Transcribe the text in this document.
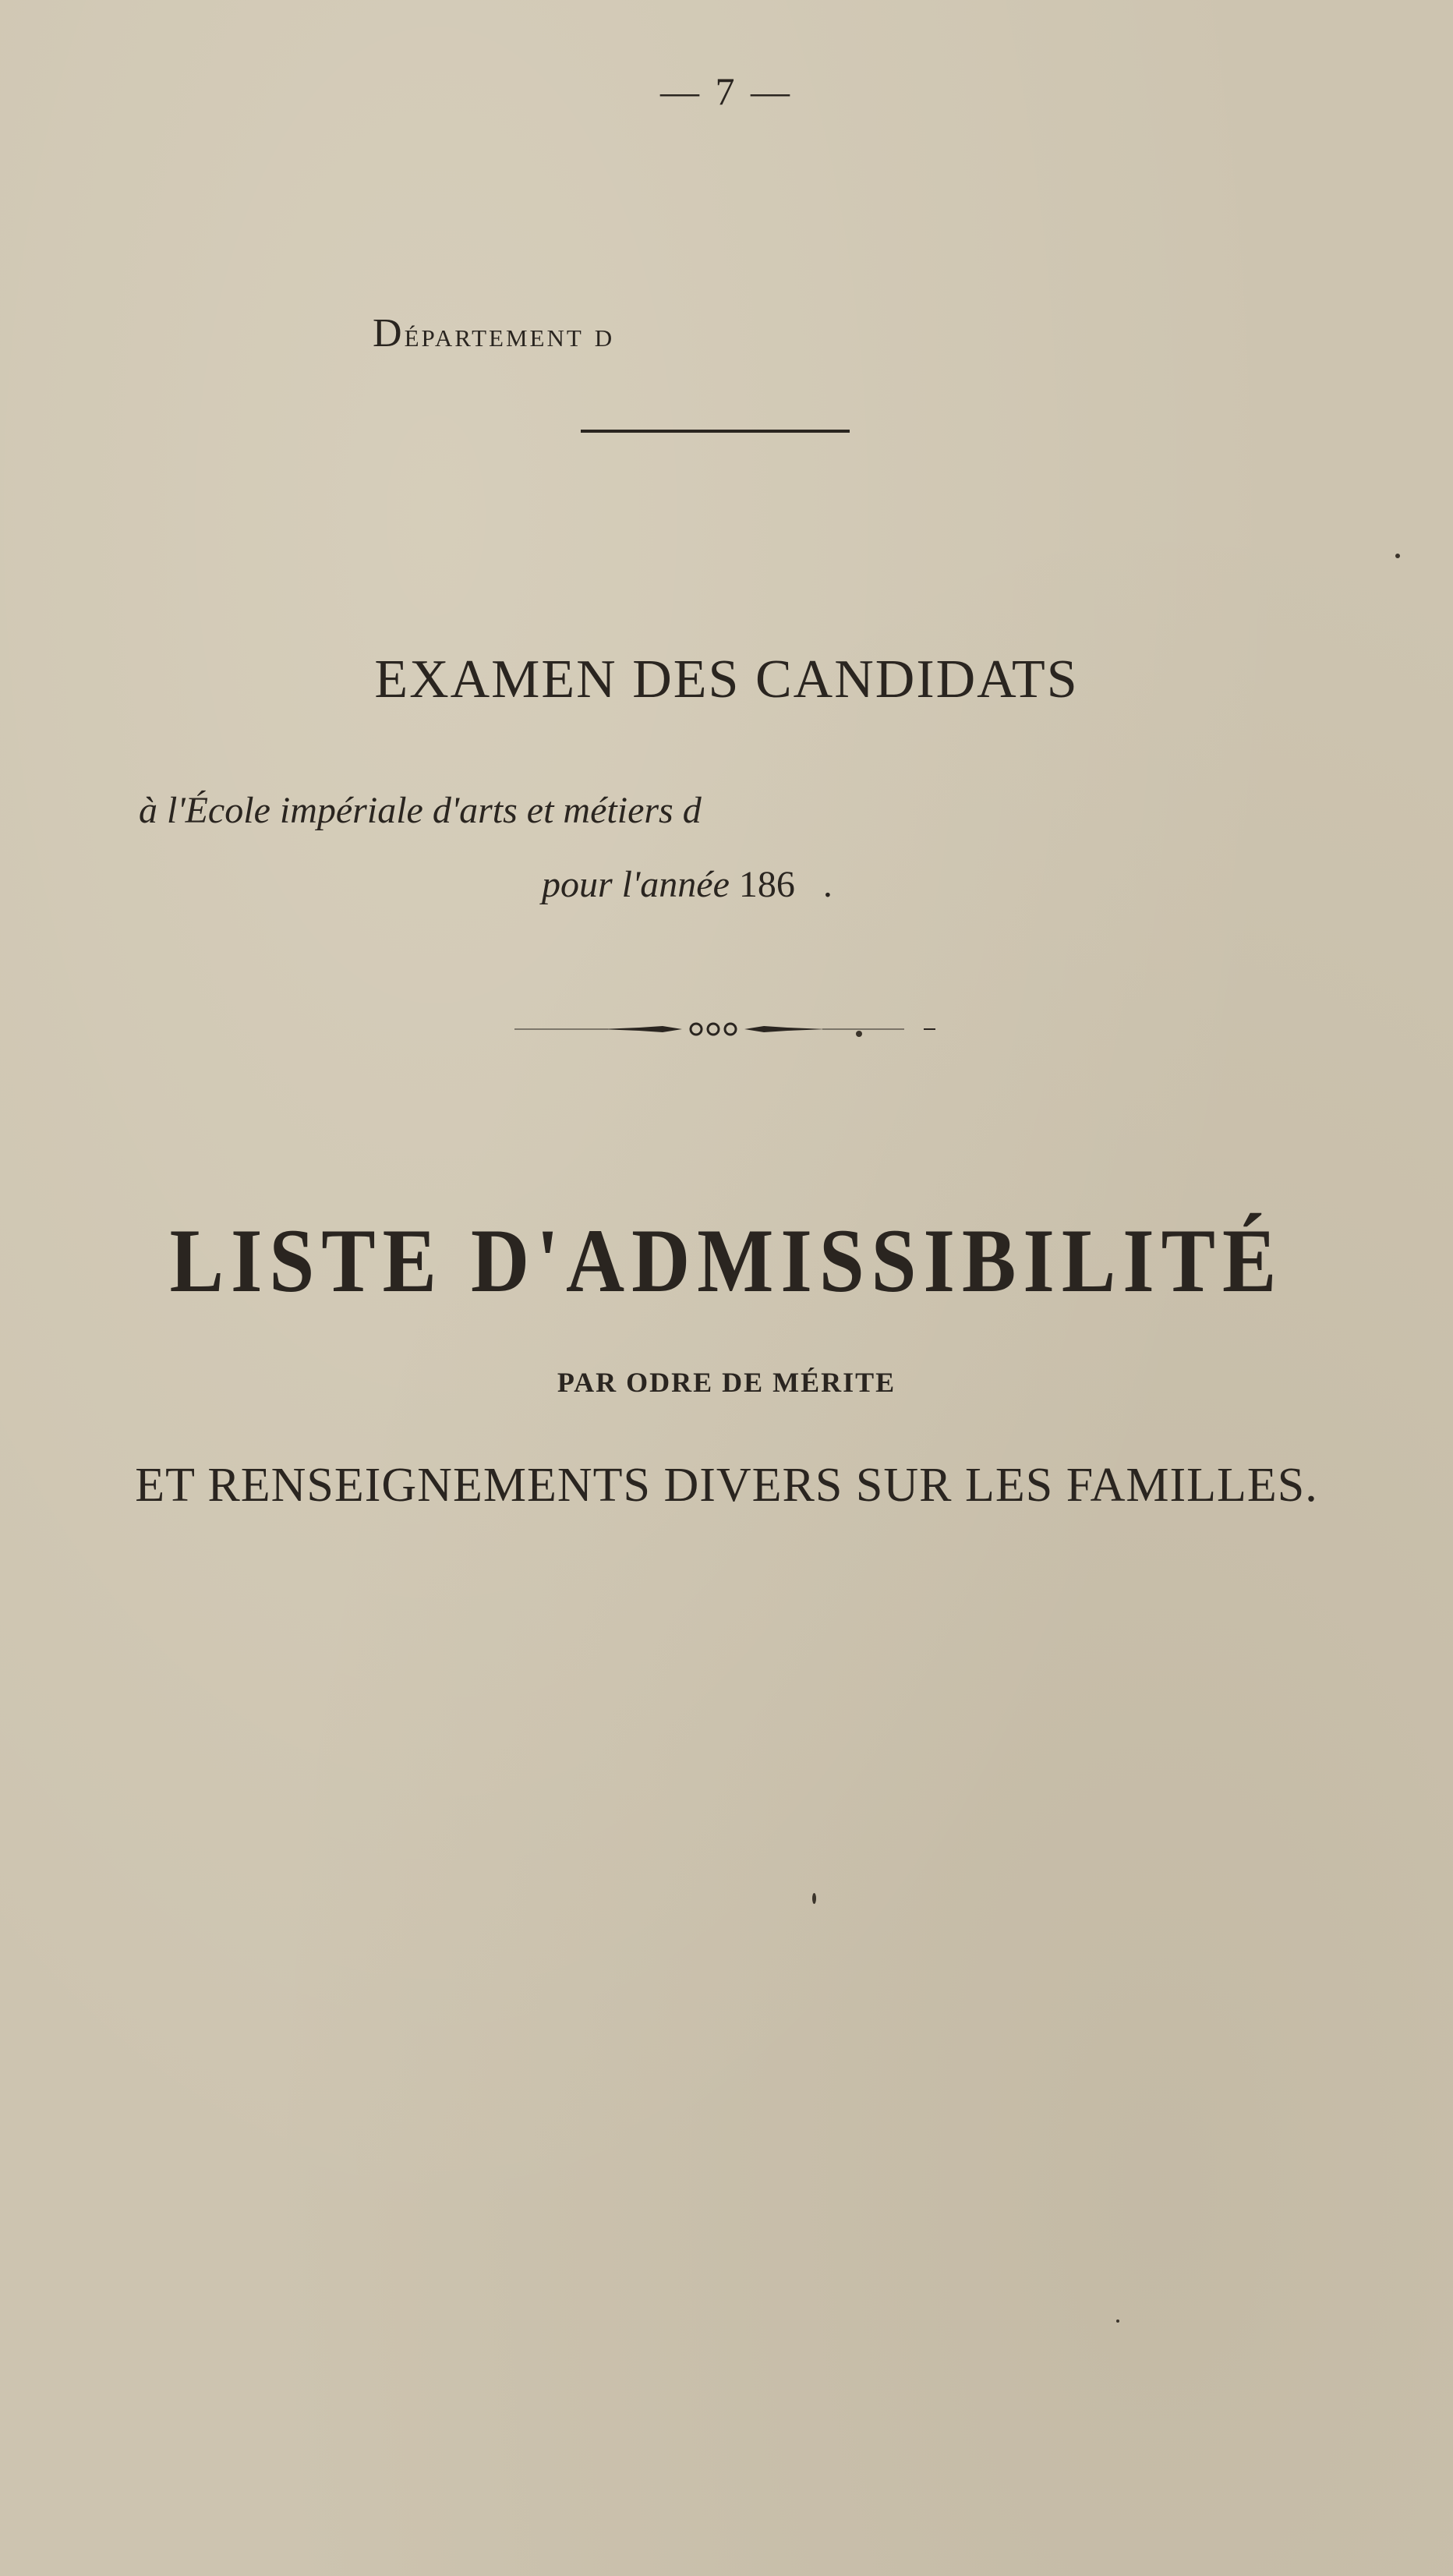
— 7 —
Département d
EXAMEN DES CANDIDATS
à l'École impériale d'arts et métiers d
pour l'année 186 .
LISTE D'ADMISSIBILITÉ
PAR ODRE DE MÉRITE
ET RENSEIGNEMENTS DIVERS SUR LES FAMILLES.
